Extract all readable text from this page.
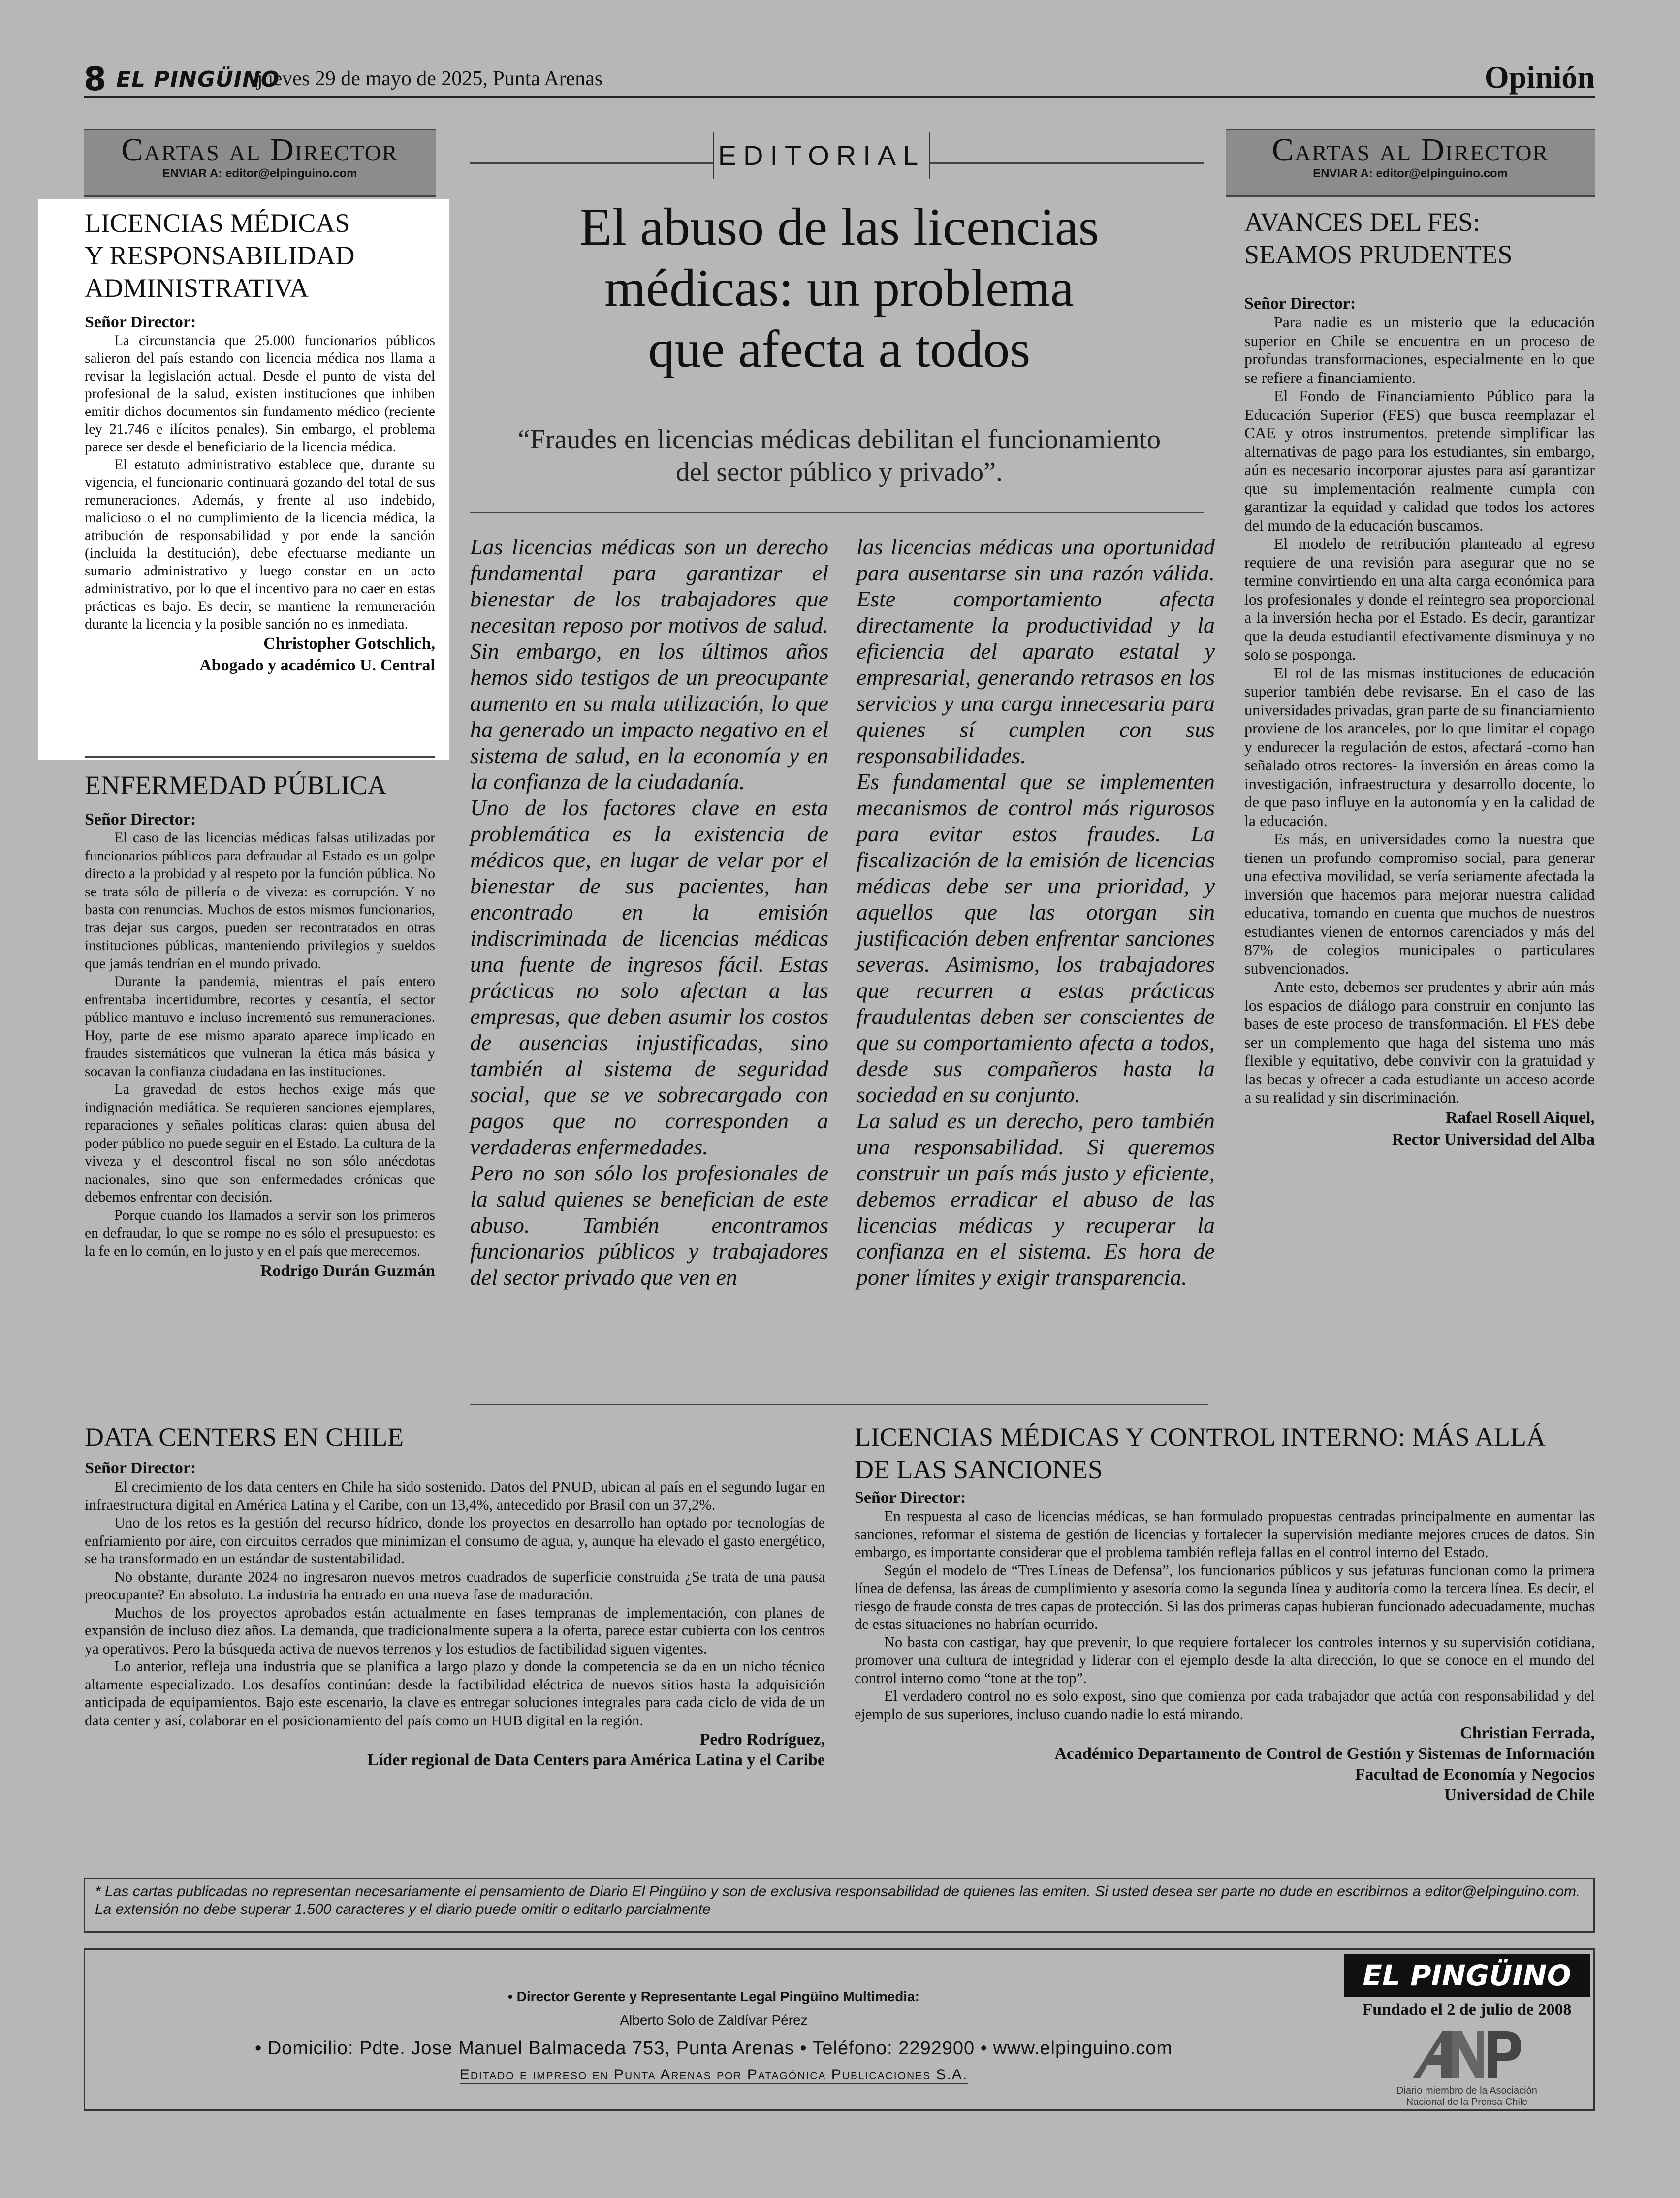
8 EL PINGÜINO
jueves 29 de mayo de 2025, Punta Arenas	Opinión
Cartas al Director
ENVIAR A: editor@elpinguino.com
LICENCIAS MÉDICAS
Y RESPONSABILIDAD
ADMINISTRATIVA
Señor Director:

La circunstancia que 25.000 funcionarios públicos salieron del país estando con licencia médica nos llama a revisar la legislación actual. Desde el punto de vista del profesional de la salud, existen instituciones que inhiben emitir dichos documentos sin fundamento médico (reciente ley 21.746 e ilícitos penales). Sin embargo, el problema parece ser desde el beneficiario de la licencia médica.

El estatuto administrativo establece que, durante su vigencia, el funcionario continuará gozando del total de sus remuneraciones. Además, y frente al uso indebido, malicioso o el no cumplimiento de la licencia médica, la atribución de responsabilidad y por ende la sanción (incluida la destitución), debe efectuarse mediante un sumario administrativo y luego constar en un acto administrativo, por lo que el incentivo para no caer en estas prácticas es bajo. Es decir, se mantiene la remuneración durante la licencia y la posible sanción no es inmediata.

Christopher Gotschlich,
Abogado y académico U. Central
ENFERMEDAD PÚBLICA
Señor Director:

El caso de las licencias médicas falsas utilizadas por funcionarios públicos para defraudar al Estado es un golpe directo a la probidad y al respeto por la función pública. No se trata sólo de pillería o de viveza: es corrupción. Y no basta con renuncias. Muchos de estos mismos funcionarios, tras dejar sus cargos, pueden ser recontratados en otras instituciones públicas, manteniendo privilegios y sueldos que jamás tendrían en el mundo privado.

Durante la pandemia, mientras el país entero enfrentaba incertidumbre, recortes y cesantía, el sector público mantuvo e incluso incrementó sus remuneraciones. Hoy, parte de ese mismo aparato aparece implicado en fraudes sistemáticos que vulneran la ética más básica y socavan la confianza ciudadana en las instituciones.

La gravedad de estos hechos exige más que indignación mediática. Se requieren sanciones ejemplares, reparaciones y señales políticas claras: quien abusa del poder público no puede seguir en el Estado. La cultura de la viveza y el descontrol fiscal no son sólo anécdotas nacionales, sino que son enfermedades crónicas que debemos enfrentar con decisión.

Porque cuando los llamados a servir son los primeros en defraudar, lo que se rompe no es sólo el presupuesto: es la fe en lo común, en lo justo y en el país que merecemos.

Rodrigo Durán Guzmán
EDITORIAL
El abuso de las licencias
médicas: un problema
que afecta a todos
“Fraudes en licencias médicas debilitan el funcionamiento
del sector público y privado”.

Las licencias médicas son un derecho fundamental para garantizar el bienestar de los trabajadores que necesitan reposo por motivos de salud. Sin embargo, en los últimos años hemos sido testigos de un preocupante aumento en su mala utilización, lo que ha generado un impacto negativo en el sistema de salud, en la economía y en la confianza de la ciudadanía.

Uno de los factores clave en esta problemática es la existencia de médicos que, en lugar de velar por el bienestar de sus pacientes, han encontrado en la emisión indiscriminada de licencias médicas una fuente de ingresos fácil. Estas prácticas no solo afectan a las empresas, que deben asumir los costos de ausencias injustificadas, sino también al sistema de seguridad social, que se ve sobrecargado con pagos que no corresponden a verdaderas enfermedades.

Pero no son sólo los profesionales de la salud quienes se benefician de este abuso. También encontramos funcionarios públicos y trabajadores del sector privado que ven en

las licencias médicas una oportunidad para ausentarse sin una razón válida. Este comportamiento afecta directamente la productividad y la eficiencia del aparato estatal y empresarial, generando retrasos en los servicios y una carga innecesaria para quienes sí cumplen con sus responsabilidades.

Es fundamental que se implementen mecanismos de control más rigurosos para evitar estos fraudes. La fiscalización de la emisión de licencias médicas debe ser una prioridad, y aquellos que las otorgan sin justificación deben enfrentar sanciones severas. Asimismo, los trabajadores que recurren a estas prácticas fraudulentas deben ser conscientes de que su comportamiento afecta a todos, desde sus compañeros hasta la sociedad en su conjunto.

La salud es un derecho, pero también una responsabilidad. Si queremos construir un país más justo y eficiente, debemos erradicar el abuso de las licencias médicas y recuperar la confianza en el sistema. Es hora de poner límites y exigir transparencia.

Cartas al Director
ENVIAR A: editor@elpinguino.com
AVANCES DEL FES:
SEAMOS PRUDENTES
Señor Director:

Para nadie es un misterio que la educación superior en Chile se encuentra en un proceso de profundas transformaciones, especialmente en lo que se refiere a financiamiento.

El Fondo de Financiamiento Público para la Educación Superior (FES) que busca reemplazar el CAE y otros instrumentos, pretende simplificar las alternativas de pago para los estudiantes, sin embargo, aún es necesario incorporar ajustes para así garantizar que su implementación realmente cumpla con garantizar la equidad y calidad que todos los actores del mundo de la educación buscamos.

El modelo de retribución planteado al egreso requiere de una revisión para asegurar que no se termine convirtiendo en una alta carga económica para los profesionales y donde el reintegro sea proporcional a la inversión hecha por el Estado. Es decir, garantizar que la deuda estudiantil efectivamente disminuya y no solo se posponga.

El rol de las mismas instituciones de educación superior también debe revisarse. En el caso de las universidades privadas, gran parte de su financiamiento proviene de los aranceles, por lo que limitar el copago y endurecer la regulación de estos, afectará -como han señalado otros rectores- la inversión en áreas como la investigación, infraestructura y desarrollo docente, lo de que paso influye en la autonomía y en la calidad de la educación.

Es más, en universidades como la nuestra que tienen un profundo compromiso social, para generar una efectiva movilidad, se vería seriamente afectada la inversión que hacemos para mejorar nuestra calidad educativa, tomando en cuenta que muchos de nuestros estudiantes vienen de entornos carenciados y más del 87% de colegios municipales o particulares subvencionados.

Ante esto, debemos ser prudentes y abrir aún más los espacios de diálogo para construir en conjunto las bases de este proceso de transformación. El FES debe ser un complemento que haga del sistema uno más flexible y equitativo, debe convivir con la gratuidad y las becas y ofrecer a cada estudiante un acceso acorde a su realidad y sin discriminación.

Rafael Rosell Aiquel,
Rector Universidad del Alba
DATA CENTERS EN CHILE
Señor Director:

El crecimiento de los data centers en Chile ha sido sostenido. Datos del PNUD, ubican al país en el segundo lugar en infraestructura digital en América Latina y el Caribe, con un 13,4%, antecedido por Brasil con un 37,2%.

Uno de los retos es la gestión del recurso hídrico, donde los proyectos en desarrollo han optado por tecnologías de enfriamiento por aire, con circuitos cerrados que minimizan el consumo de agua, y, aunque ha elevado el gasto energético, se ha transformado en un estándar de sustentabilidad.

No obstante, durante 2024 no ingresaron nuevos metros cuadrados de superficie construida ¿Se trata de una pausa preocupante? En absoluto. La industria ha entrado en una nueva fase de maduración.

Muchos de los proyectos aprobados están actualmente en fases tempranas de implementación, con planes de expansión de incluso diez años. La demanda, que tradicionalmente supera a la oferta, parece estar cubierta con los centros ya operativos. Pero la búsqueda activa de nuevos terrenos y los estudios de factibilidad siguen vigentes.

Lo anterior, refleja una industria que se planifica a largo plazo y donde la competencia se da en un nicho técnico altamente especializado. Los desafíos continúan: desde la factibilidad eléctrica de nuevos sitios hasta la adquisición anticipada de equipamientos. Bajo este escenario, la clave es entregar soluciones integrales para cada ciclo de vida de un data center y así, colaborar en el posicionamiento del país como un HUB digital en la región.

Pedro Rodríguez,
Líder regional de Data Centers para América Latina y el Caribe
LICENCIAS MÉDICAS Y CONTROL INTERNO: MÁS ALLÁ
DE LAS SANCIONES
Señor Director:

En respuesta al caso de licencias médicas, se han formulado propuestas centradas principalmente en aumentar las sanciones, reformar el sistema de gestión de licencias y fortalecer la supervisión mediante mejores cruces de datos. Sin embargo, es importante considerar que el problema también refleja fallas en el control interno del Estado.

Según el modelo de “Tres Líneas de Defensa”, los funcionarios públicos y sus jefaturas funcionan como la primera línea de defensa, las áreas de cumplimiento y asesoría como la segunda línea y auditoría como la tercera línea. Es decir, el riesgo de fraude consta de tres capas de protección. Si las dos primeras capas hubieran funcionado adecuadamente, muchas de estas situaciones no habrían ocurrido.

No basta con castigar, hay que prevenir, lo que requiere fortalecer los controles internos y su supervisión cotidiana, promover una cultura de integridad y liderar con el ejemplo desde la alta dirección, lo que se conoce en el mundo del control interno como “tone at the top”.

El verdadero control no es solo expost, sino que comienza por cada trabajador que actúa con responsabilidad y del ejemplo de sus superiores, incluso cuando nadie lo está mirando.

Christian Ferrada,
Académico Departamento de Control de Gestión y Sistemas de Información
Facultad de Economía y Negocios
Universidad de Chile
* Las cartas publicadas no representan necesariamente el pensamiento de Diario El Pingüino y son de exclusiva responsabilidad de quienes las emiten. Si usted desea ser parte no dude en escribirnos a editor@elpinguino.com. La extensión no debe superar 1.500 caracteres y el diario puede omitir o editarlo parcialmente
• Director Gerente y Representante Legal Pingüino Multimedia:
Alberto Solo de Zaldívar Pérez
• Domicilio: Pdte. Jose Manuel Balmaceda 753, Punta Arenas • Teléfono: 2292900 • www.elpinguino.com
Editado e impreso en Punta Arenas por Patagónica Publicaciones S.A.
EL PINGÜINO
Fundado el 2 de julio de 2008
Diario miembro de la Asociación
Nacional de la Prensa Chile
